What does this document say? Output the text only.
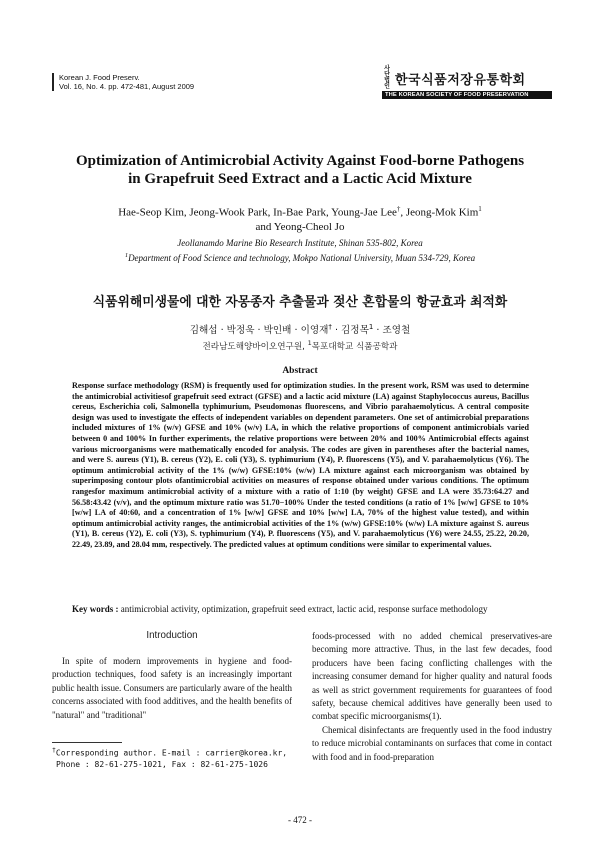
Korean J. Food Preserv.
Vol. 16, No. 4. pp. 472-481, August 2009
사단
법인 한국식품저장유통학회
THE KOREAN SOCIETY OF FOOD PRESERVATION
Optimization of Antimicrobial Activity Against Food-borne Pathogens
in Grapefruit Seed Extract and a Lactic Acid Mixture
Hae-Seop Kim, Jeong-Wook Park, In-Bae Park, Young-Jae Lee†, Jeong-Mok Kim$^1$
and Yeong-Cheol Jo
Jeollanamdo Marine Bio Research Institute, Shinan 535-802, Korea
$^1$Department of Food Science and technology, Mokpo National University, Muan 534-729, Korea
식품위해미생물에 대한 자몽종자 추출물과 젖산 혼합물의 항균효과 최적화
김해섭 · 박정욱 · 박인배 · 이영재† · 김정목$^1$ · 조영철
전라남도해양바이오연구원, $^1$목포대학교 식품공학과
Abstract
Response surface methodology (RSM) is frequently used for optimization studies. In the present work, RSM was used to determine the antimicrobial activitiesof grapefruit seed extract (GFSE) and a lactic acid mixture (LA) against Staphylococcus aureus, Bacillus cereus, Escherichia coli, Salmonella typhimurium, Pseudomonas fluorescens, and Vibrio parahaemolyticus. A central composite design was used to investigate the effects of independent variables on dependent parameters. One set of antimicrobial preparations included mixtures of 1% (w/v) GFSE and 10% (w/v) LA, in which the relative proportions of component antimicrobials varied between 0 and 100% In further experiments, the relative proportions were between 20% and 100% Antimicrobial effects against various microorganisms were mathematically encoded for analysis. The codes are given in parentheses after the bacterial names, and were S. aureus (Y1), B. cereus (Y2), E. coli (Y3), S. typhimurium (Y4), P. fluorescens (Y5), and V. parahaemolyticus (Y6). The optimum antimicrobial activity of the 1% (w/w) GFSE:10% (w/w) LA mixture against each microorganism was obtained by superimposing contour plots ofantimicrobial activities on measures of response obtained under various conditions. The optimum rangesfor maximum antimicrobial activity of a mixture with a ratio of 1:10 (by weight) GFSE and LA were 35.73:64.27 and 56.58:43.42 (v/v), and the optimum mixture ratio was 51.70−100% Under the tested conditions (a ratio of 1% [w/w] GFSE to 10% [w/w] LA of 40:60, and a concentration of 1% [w/w] GFSE and 10% [w/w] LA, 70% of the highest value tested), and within optimum antimicrobial activity ranges, the antimicrobial activities of the 1% (w/w) GFSE:10% (w/w) LA mixture against S. aureus (Y1), B. cereus (Y2), E. coli (Y3), S. typhimurium (Y4), P. fluorescens (Y5), and V. parahaemolyticus (Y6) were 24.55, 25.22, 20.20, 22.49, 23.89, and 28.04 mm, respectively. The predicted values at optimum conditions were similar to experimental values.
Key words : antimicrobial activity, optimization, grapefruit seed extract, lactic acid, response surface methodology
Introduction
In spite of modern improvements in hygiene and food-production techniques, food safety is an increasingly important public health issue. Consumers are particularly aware of the health concerns associated with food additives, and the health benefits of "natural" and "traditional"
foods-processed with no added chemical preservatives-are becoming more attractive. Thus, in the last few decades, food producers have been facing conflicting challenges with the increasing consumer demand for higher quality and natural foods as well as strict government requirements for guarantees of food safety, because chemical additives have generally been used to combat specific microorganisms(1).
Chemical disinfectants are frequently used in the food industry to reduce microbial contaminants on surfaces that come in contact with food and in food-preparation
†Corresponding author. E-mail : carrier@korea.kr,
Phone : 82-61-275-1021, Fax : 82-61-275-1026
- 472 -
